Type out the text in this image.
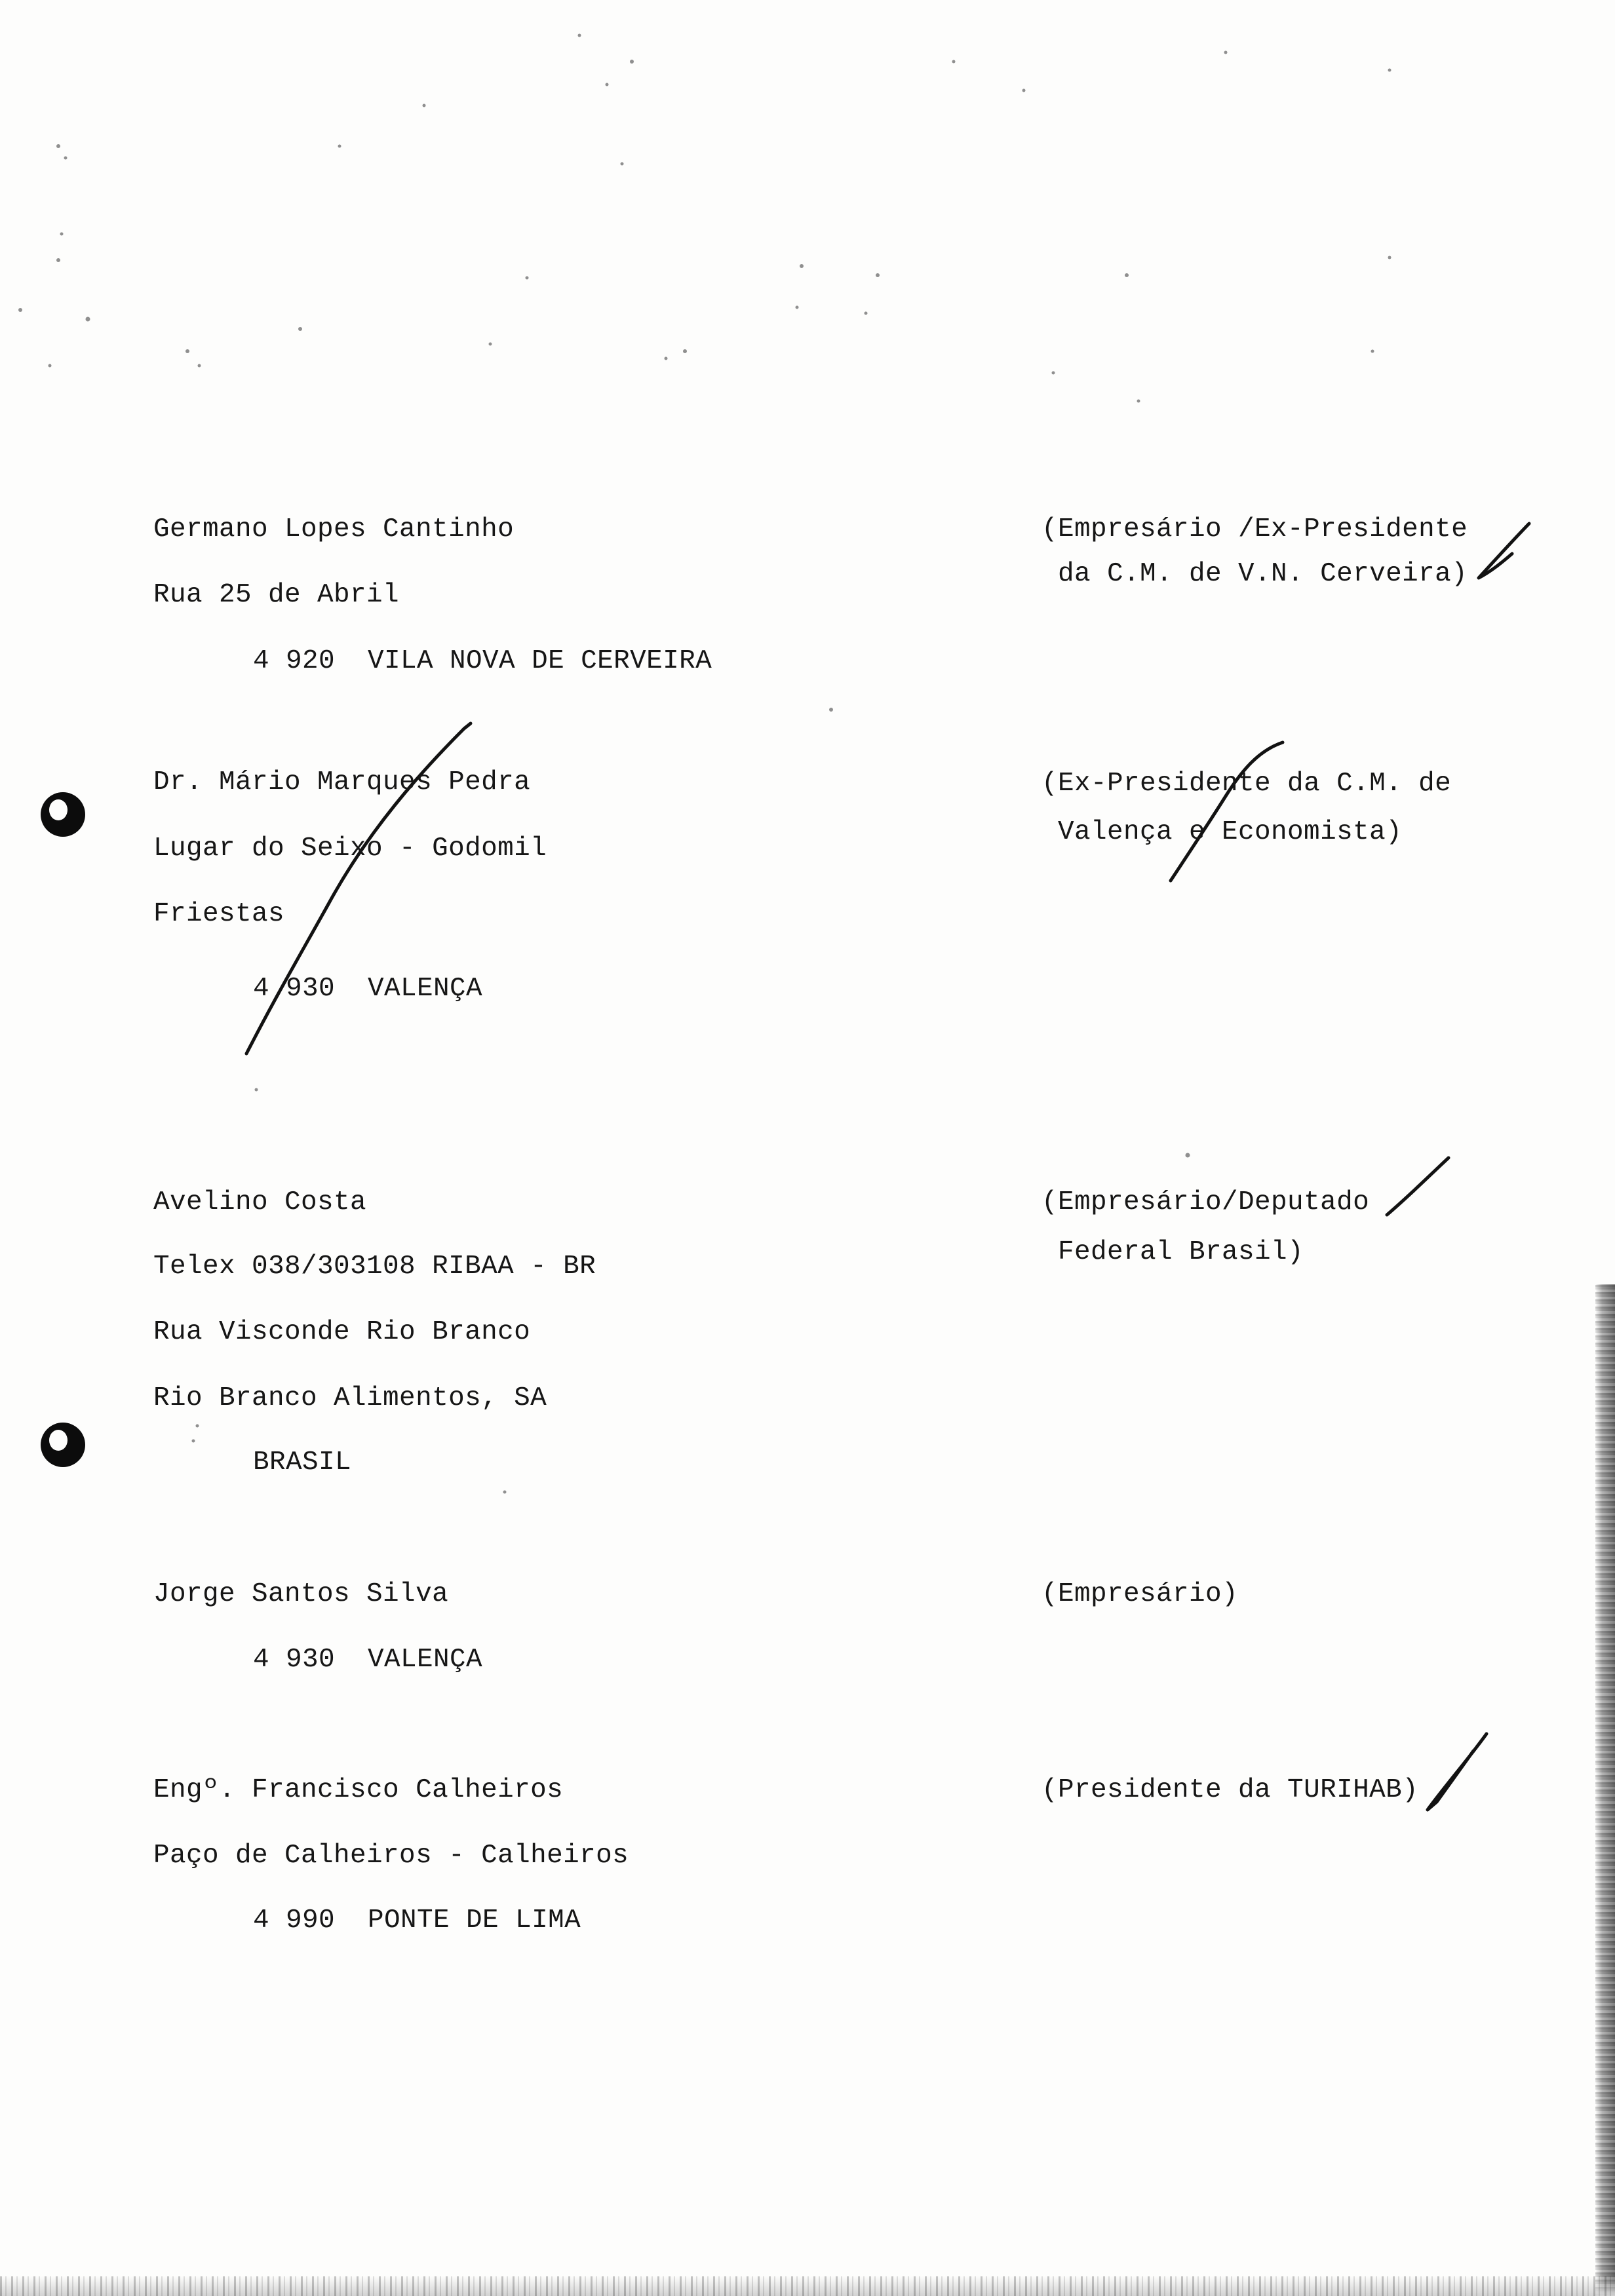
Germano Lopes Cantinho
Rua 25 de Abril
4 920  VILA NOVA DE CERVEIRA
(Empresário /Ex-Presidente
da C.M. de V.N. Cerveira)
Dr. Mário Marques Pedra
Lugar do Seixo - Godomil
Friestas
4 930  VALENÇA
(Ex-Presidente da C.M. de
Valença e Economista)
Avelino Costa
Telex 038/303108 RIBAA - BR
Rua Visconde Rio Branco
Rio Branco Alimentos, SA
BRASIL
(Empresário/Deputado
Federal Brasil)
Jorge Santos Silva
4 930  VALENÇA
(Empresário)
Engº. Francisco Calheiros
Paço de Calheiros - Calheiros
4 990  PONTE DE LIMA
(Presidente da TURIHAB)
